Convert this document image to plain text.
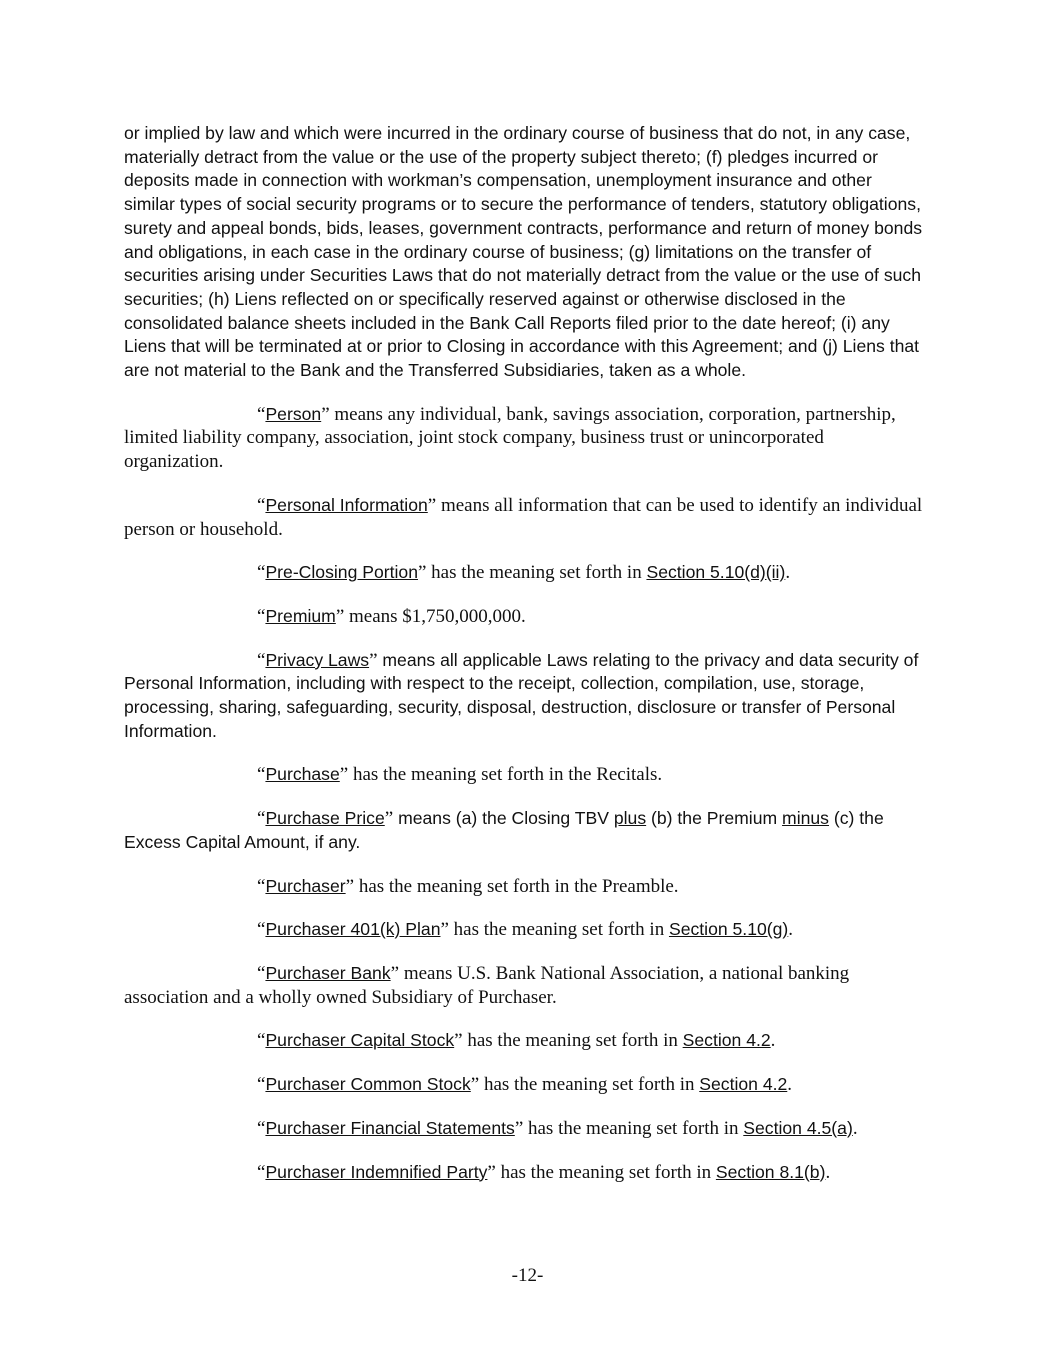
or implied by law and which were incurred in the ordinary course of business that do not, in any case, materially detract from the value or the use of the property subject thereto; (f) pledges incurred or deposits made in connection with workman’s compensation, unemployment insurance and other similar types of social security programs or to secure the performance of tenders, statutory obligations, surety and appeal bonds, bids, leases, government contracts, performance and return of money bonds and obligations, in each case in the ordinary course of business; (g) limitations on the transfer of securities arising under Securities Laws that do not materially detract from the value or the use of such securities; (h) Liens reflected on or specifically reserved against or otherwise disclosed in the consolidated balance sheets included in the Bank Call Reports filed prior to the date hereof; (i) any Liens that will be terminated at or prior to Closing in accordance with this Agreement; and (j) Liens that are not material to the Bank and the Transferred Subsidiaries, taken as a whole.

“Person” means any individual, bank, savings association, corporation, partnership, limited liability company, association, joint stock company, business trust or unincorporated organization.

“Personal Information” means all information that can be used to identify an individual person or household.

“Pre-Closing Portion” has the meaning set forth in Section 5.10(d)(ii).

“Premium” means $1,750,000,000.

“Privacy Laws” means all applicable Laws relating to the privacy and data security of Personal Information, including with respect to the receipt, collection, compilation, use, storage, processing, sharing, safeguarding, security, disposal, destruction, disclosure or transfer of Personal Information.

“Purchase” has the meaning set forth in the Recitals.

“Purchase Price” means (a) the Closing TBV plus (b) the Premium minus (c) the Excess Capital Amount, if any.

“Purchaser” has the meaning set forth in the Preamble.

“Purchaser 401(k) Plan” has the meaning set forth in Section 5.10(g).

“Purchaser Bank” means U.S. Bank National Association, a national banking association and a wholly owned Subsidiary of Purchaser.

“Purchaser Capital Stock” has the meaning set forth in Section 4.2.

“Purchaser Common Stock” has the meaning set forth in Section 4.2.

“Purchaser Financial Statements” has the meaning set forth in Section 4.5(a).

“Purchaser Indemnified Party” has the meaning set forth in Section 8.1(b).

-12-
